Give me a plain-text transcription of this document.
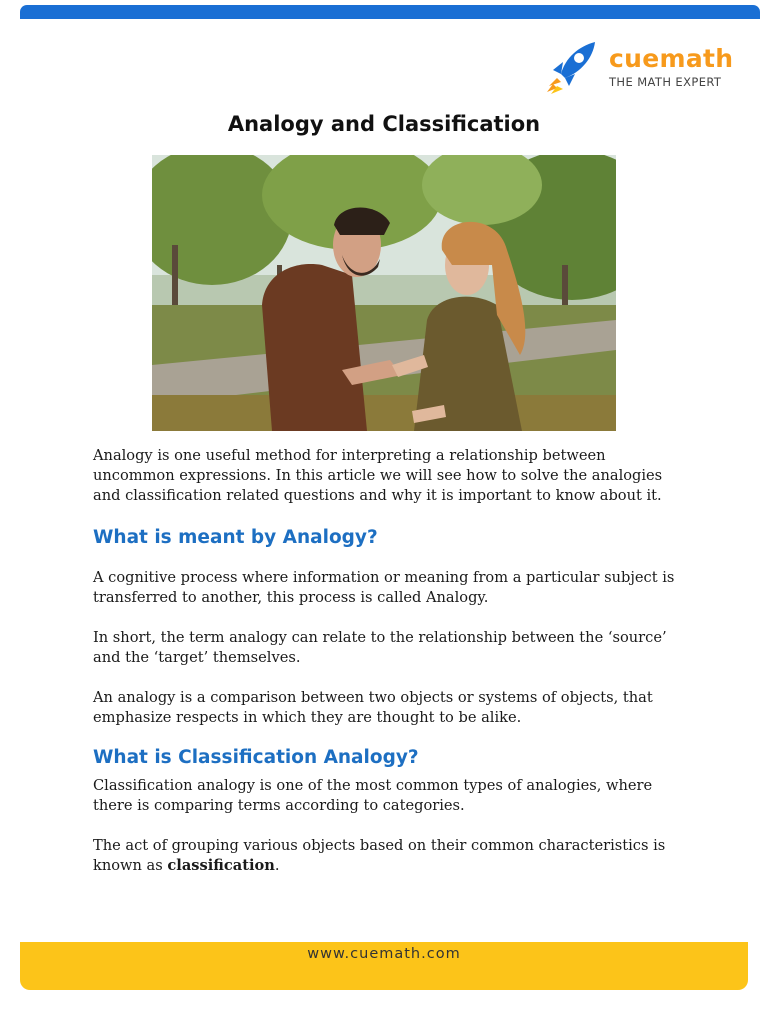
cuemath
THE MATH EXPERT
Analogy and Classification

Analogy is one useful method for interpreting a relationship between uncommon expressions. In this article we will see how to solve the analogies and classification related questions and why it is important to know about it.

What is meant by Analogy?

A cognitive process where information or meaning from a particular subject is transferred to another, this process is called Analogy.

In short, the term analogy can relate to the relationship between the ‘source’ and the ‘target’ themselves.

An analogy is a comparison between two objects or systems of objects, that emphasize respects in which they are thought to be alike.

What is Classification Analogy?

Classification analogy is one of the most common types of analogies, where there is comparing terms according to categories.

The act of grouping various objects based on their common characteristics is known as classification.

www.cuemath.com
